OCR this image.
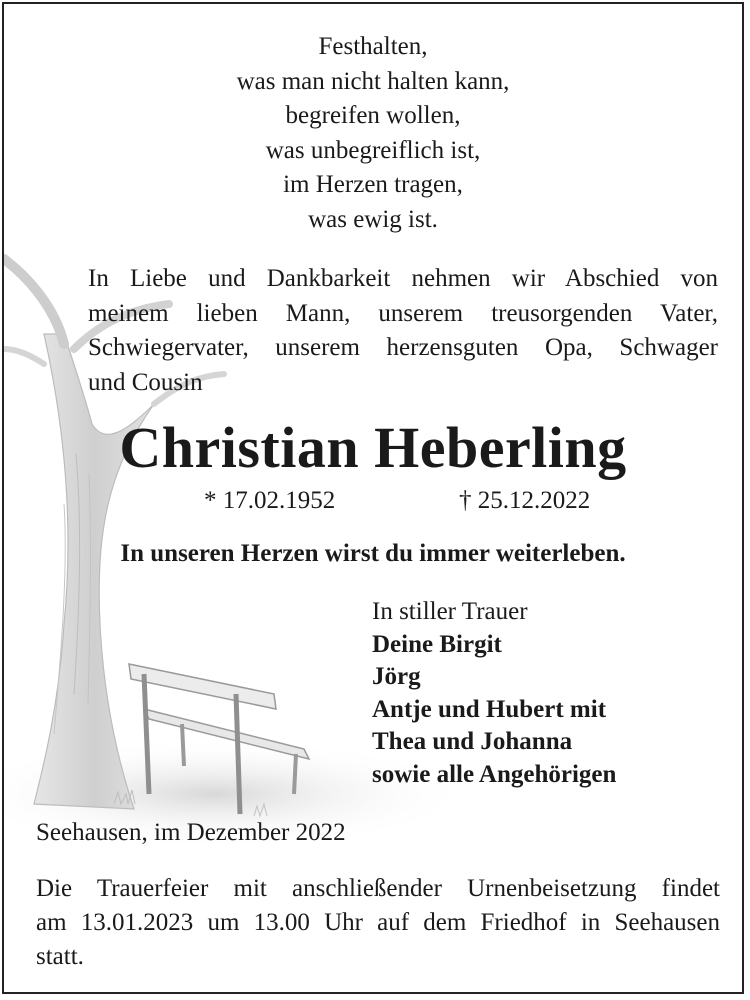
Festhalten,
was man nicht halten kann,
begreifen wollen,
was unbegreiflich ist,
im Herzen tragen,
was ewig ist.
In Liebe und Dankbarkeit nehmen wir Abschied von
meinem lieben Mann, unserem treusorgenden Vater,
Schwiegervater, unserem herzensguten Opa, Schwager
und Cousin
Christian Heberling
* 17.02.1952	† 25.12.2022
In unseren Herzen wirst du immer weiterleben.
In stiller Trauer
Deine Birgit
Jörg
Antje und Hubert mit
Thea und Johanna
sowie alle Angehörigen
Seehausen, im Dezember 2022
Die Trauerfeier mit anschließender Urnenbeisetzung findet
am 13.01.2023 um 13.00 Uhr auf dem Friedhof in Seehausen
statt.
